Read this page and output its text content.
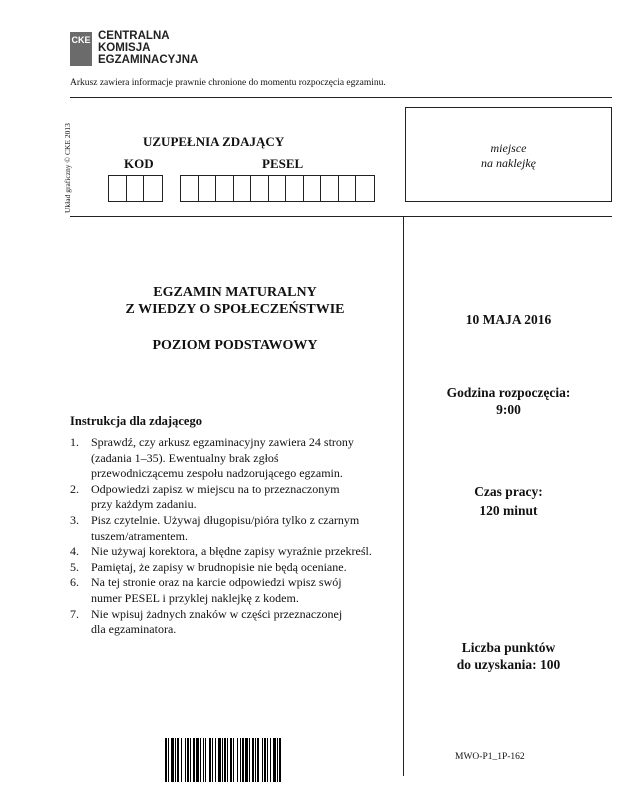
CKE CENTRALNA
KOMISJA
EGZAMINACYJNA
Arkusz zawiera informacje prawnie chronione do momentu rozpoczęcia egzaminu.
Układ graficzny © CKE 2013	UZUPEŁNIA ZDAJĄCY
KOD	PESEL
miejsce
na naklejkę
EGZAMIN MATURALNY
Z WIEDZY O SPOŁECZEŃSTWIE
POZIOM PODSTAWOWY
10 MAJA 2016
Godzina rozpoczęcia:
9:00
Czas pracy:
120 minut
Liczba punktów
do uzyskania: 100
Instrukcja dla zdającego
1. Sprawdź, czy arkusz egzaminacyjny zawiera 24 strony
(zadania 1–35). Ewentualny brak zgłoś
przewodniczącemu zespołu nadzorującego egzamin.
2. Odpowiedzi zapisz w miejscu na to przeznaczonym
przy każdym zadaniu.
3. Pisz czytelnie. Używaj długopisu/pióra tylko z czarnym
tuszem/atramentem.
4. Nie używaj korektora, a błędne zapisy wyraźnie przekreśl.
5. Pamiętaj, że zapisy w brudnopisie nie będą oceniane.
6. Na tej stronie oraz na karcie odpowiedzi wpisz swój
numer PESEL i przyklej naklejkę z kodem.
7. Nie wpisuj żadnych znaków w części przeznaczonej
dla egzaminatora.
MWO-P1_1P-162
